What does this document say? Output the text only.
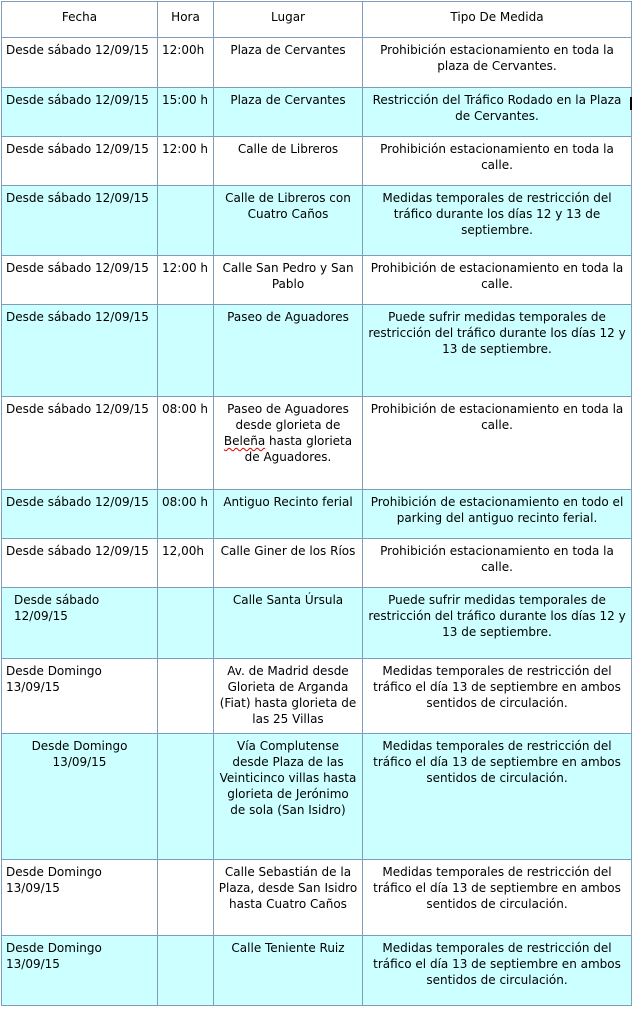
Fecha	Hora	Lugar	Tipo De Medida
Desde sábado 12/09/15	12:00h	Plaza de Cervantes	Prohibición estacionamiento en toda la plaza de Cervantes.
Desde sábado 12/09/15	15:00 h	Plaza de Cervantes	Restricción del Tráfico Rodado en la Plaza de Cervantes.
Desde sábado 12/09/15	12:00 h	Calle de Libreros	Prohibición estacionamiento en toda la calle.
Desde sábado 12/09/15		Calle de Libreros con Cuatro Caños	Medidas temporales de restricción del tráfico durante los días 12 y 13 de septiembre.
Desde sábado 12/09/15	12:00 h	Calle San Pedro y San Pablo	Prohibición de estacionamiento en toda la calle.
Desde sábado 12/09/15		Paseo de Aguadores	Puede sufrir medidas temporales de restricción del tráfico durante los días 12 y 13 de septiembre.
Desde sábado 12/09/15	08:00 h	Paseo de Aguadores desde glorieta de Beleña hasta glorieta de Aguadores.	Prohibición de estacionamiento en toda la calle.
Desde sábado 12/09/15	08:00 h	Antiguo Recinto ferial	Prohibición de estacionamiento en todo el parking del antiguo recinto ferial.
Desde sábado 12/09/15	12,00h	Calle Giner de los Ríos	Prohibición estacionamiento en toda la calle.
Desde sábado 12/09/15		Calle Santa Úrsula	Puede sufrir medidas temporales de restricción del tráfico durante los días 12 y 13 de septiembre.
Desde Domingo 13/09/15		Av. de Madrid desde Glorieta de Arganda (Fiat) hasta glorieta de las 25 Villas	Medidas temporales de restricción del tráfico el día 13 de septiembre en ambos sentidos de circulación.
Desde Domingo 13/09/15		Vía Complutense desde Plaza de las Veinticinco villas hasta glorieta de Jerónimo de sola (San Isidro)	Medidas temporales de restricción del tráfico el día 13 de septiembre en ambos sentidos de circulación.
Desde Domingo 13/09/15		Calle Sebastián de la Plaza, desde San Isidro hasta Cuatro Caños	Medidas temporales de restricción del tráfico el día 13 de septiembre en ambos sentidos de circulación.
Desde Domingo 13/09/15		Calle Teniente Ruiz	Medidas temporales de restricción del tráfico el día 13 de septiembre en ambos sentidos de circulación.
